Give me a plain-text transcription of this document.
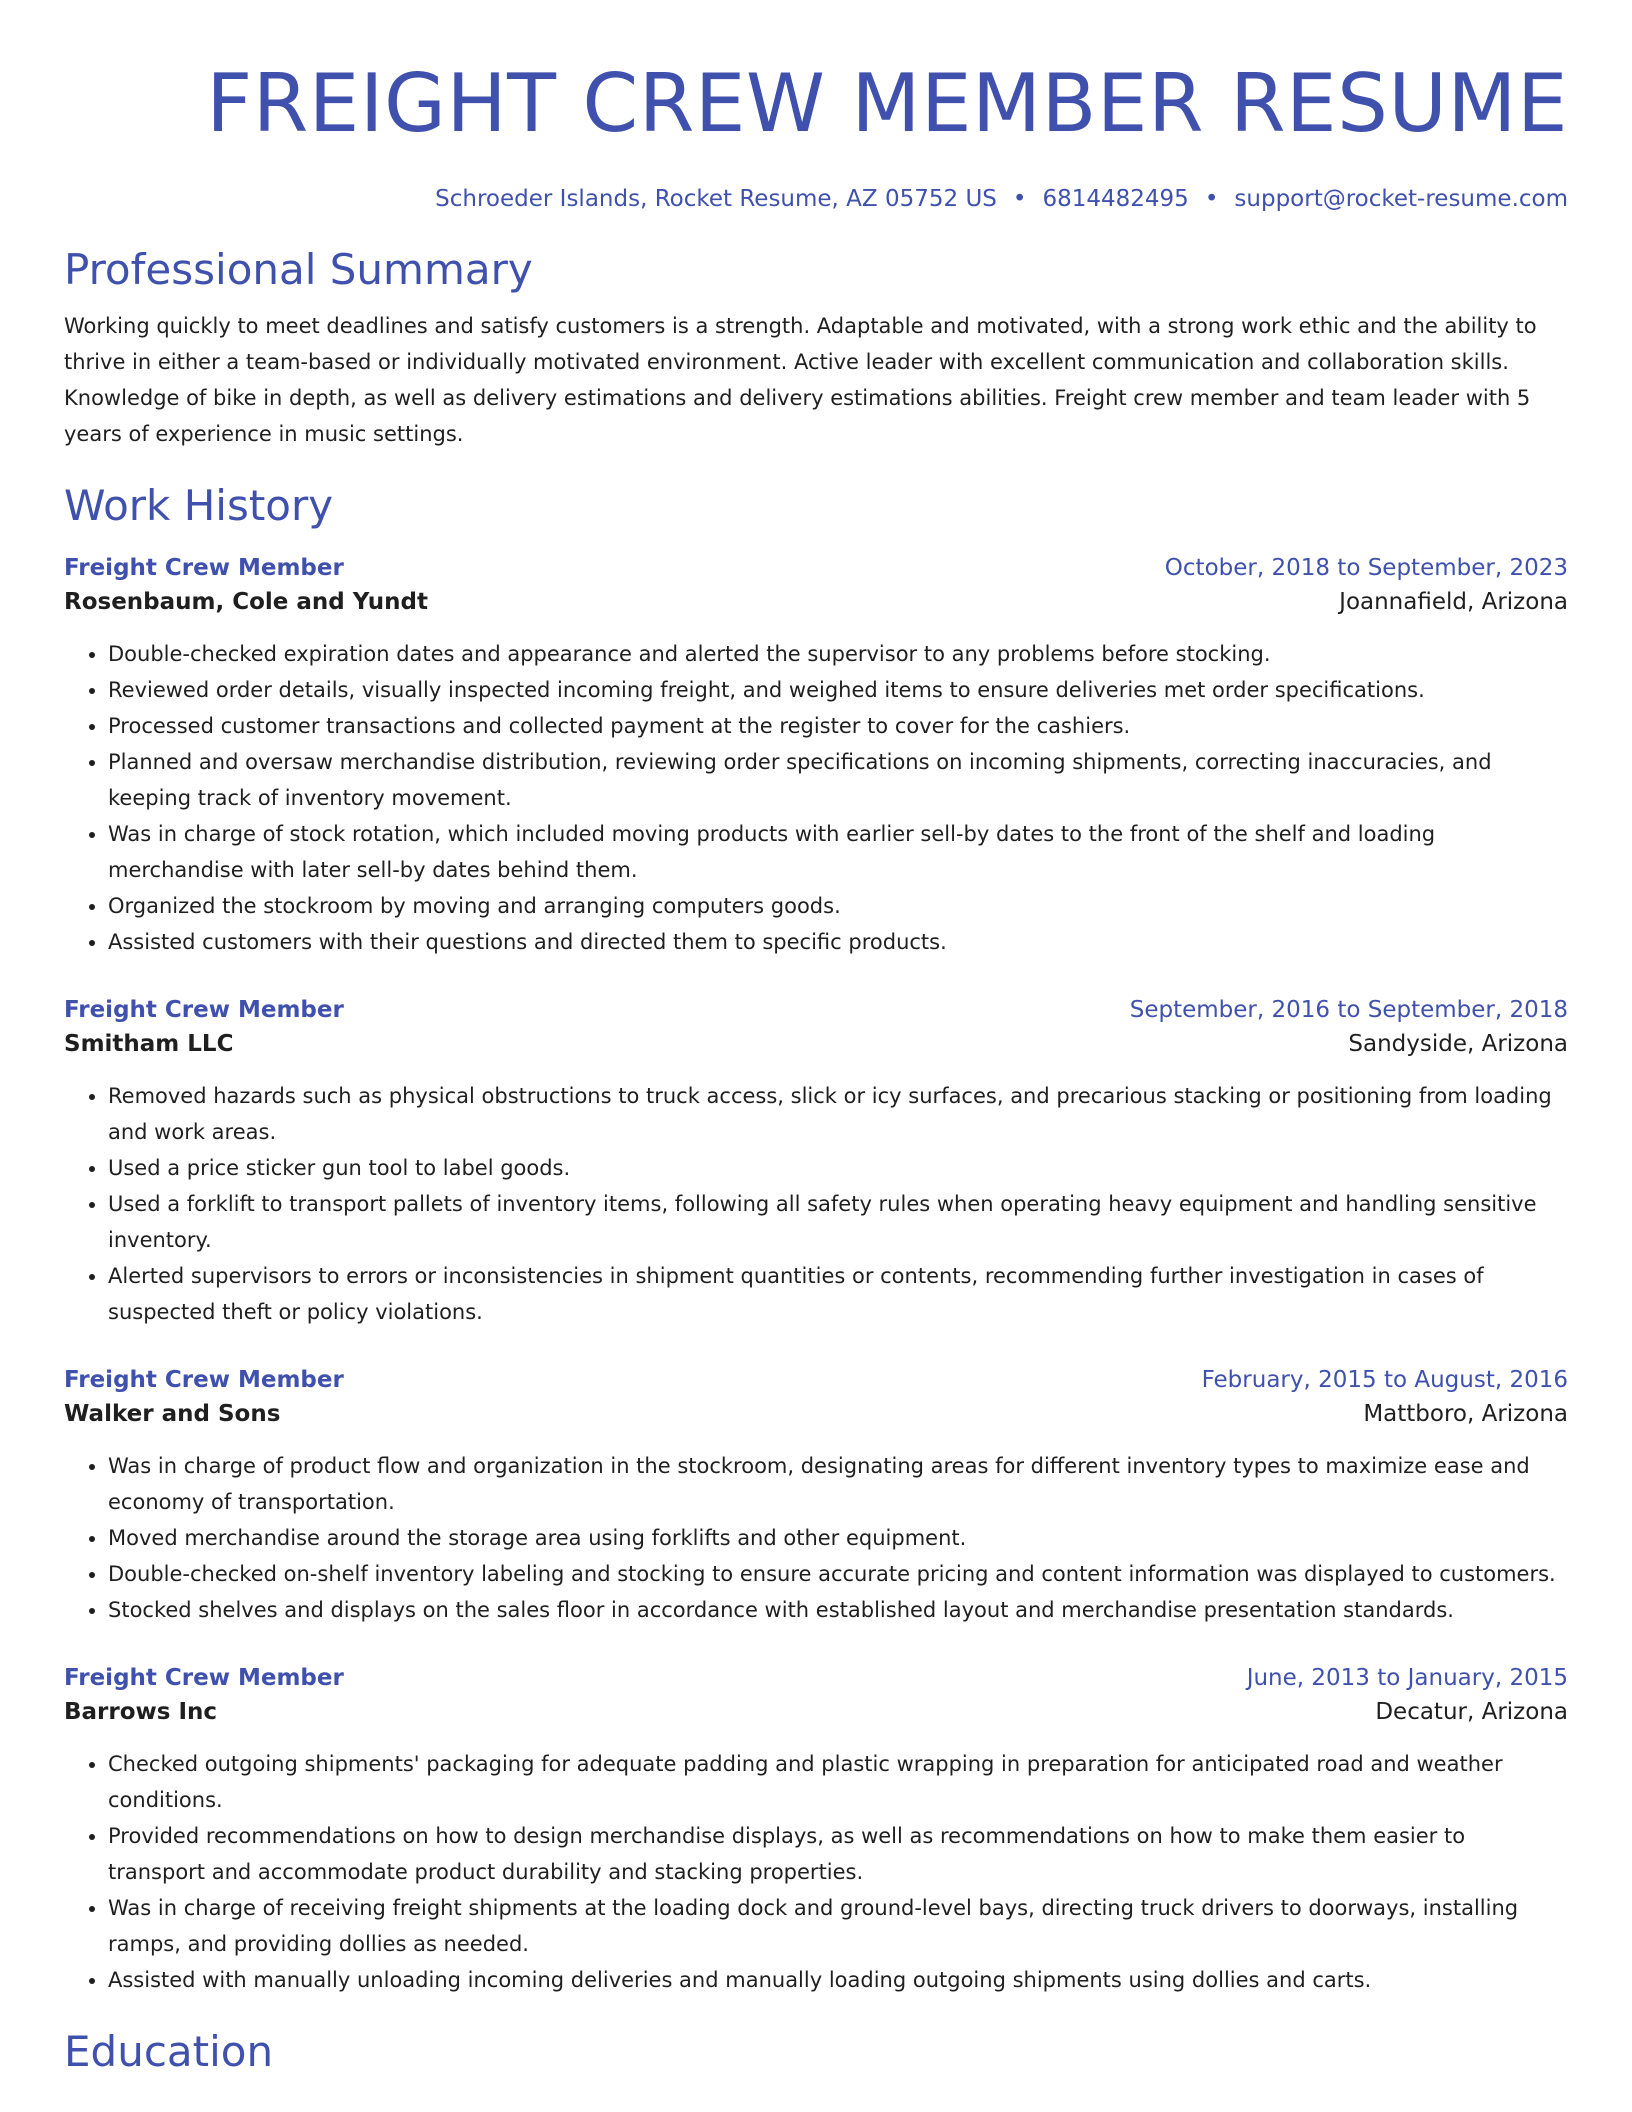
FREIGHT CREW MEMBER RESUME
Schroeder Islands, Rocket Resume, AZ 05752 US • 6814482495 • support@rocket-resume.com
Professional Summary

Working quickly to meet deadlines and satisfy customers is a strength. Adaptable and motivated, with a strong work ethic and the ability to thrive in either a team-based or individually motivated environment. Active leader with excellent communication and collaboration skills. Knowledge of bike in depth, as well as delivery estimations and delivery estimations abilities. Freight crew member and team leader with 5 years of experience in music settings.

Work History
Freight Crew Member	October, 2018 to September, 2023
Rosenbaum, Cole and Yundt	Joannafield, Arizona
• Double-checked expiration dates and appearance and alerted the supervisor to any problems before stocking.
• Reviewed order details, visually inspected incoming freight, and weighed items to ensure deliveries met order specifications.
• Processed customer transactions and collected payment at the register to cover for the cashiers.
• Planned and oversaw merchandise distribution, reviewing order specifications on incoming shipments, correcting inaccuracies, and keeping track of inventory movement.
• Was in charge of stock rotation, which included moving products with earlier sell-by dates to the front of the shelf and loading merchandise with later sell-by dates behind them.
• Organized the stockroom by moving and arranging computers goods.
• Assisted customers with their questions and directed them to specific products.
Freight Crew Member	September, 2016 to September, 2018
Smitham LLC	Sandyside, Arizona
• Removed hazards such as physical obstructions to truck access, slick or icy surfaces, and precarious stacking or positioning from loading and work areas.
• Used a price sticker gun tool to label goods.
• Used a forklift to transport pallets of inventory items, following all safety rules when operating heavy equipment and handling sensitive inventory.
• Alerted supervisors to errors or inconsistencies in shipment quantities or contents, recommending further investigation in cases of suspected theft or policy violations.
Freight Crew Member	February, 2015 to August, 2016
Walker and Sons	Mattboro, Arizona
• Was in charge of product flow and organization in the stockroom, designating areas for different inventory types to maximize ease and economy of transportation.
• Moved merchandise around the storage area using forklifts and other equipment.
• Double-checked on-shelf inventory labeling and stocking to ensure accurate pricing and content information was displayed to customers.
• Stocked shelves and displays on the sales floor in accordance with established layout and merchandise presentation standards.
Freight Crew Member	June, 2013 to January, 2015
Barrows Inc	Decatur, Arizona
• Checked outgoing shipments' packaging for adequate padding and plastic wrapping in preparation for anticipated road and weather conditions.
• Provided recommendations on how to design merchandise displays, as well as recommendations on how to make them easier to transport and accommodate product durability and stacking properties.
• Was in charge of receiving freight shipments at the loading dock and ground-level bays, directing truck drivers to doorways, installing ramps, and providing dollies as needed.
• Assisted with manually unloading incoming deliveries and manually loading outgoing shipments using dollies and carts.
Education
